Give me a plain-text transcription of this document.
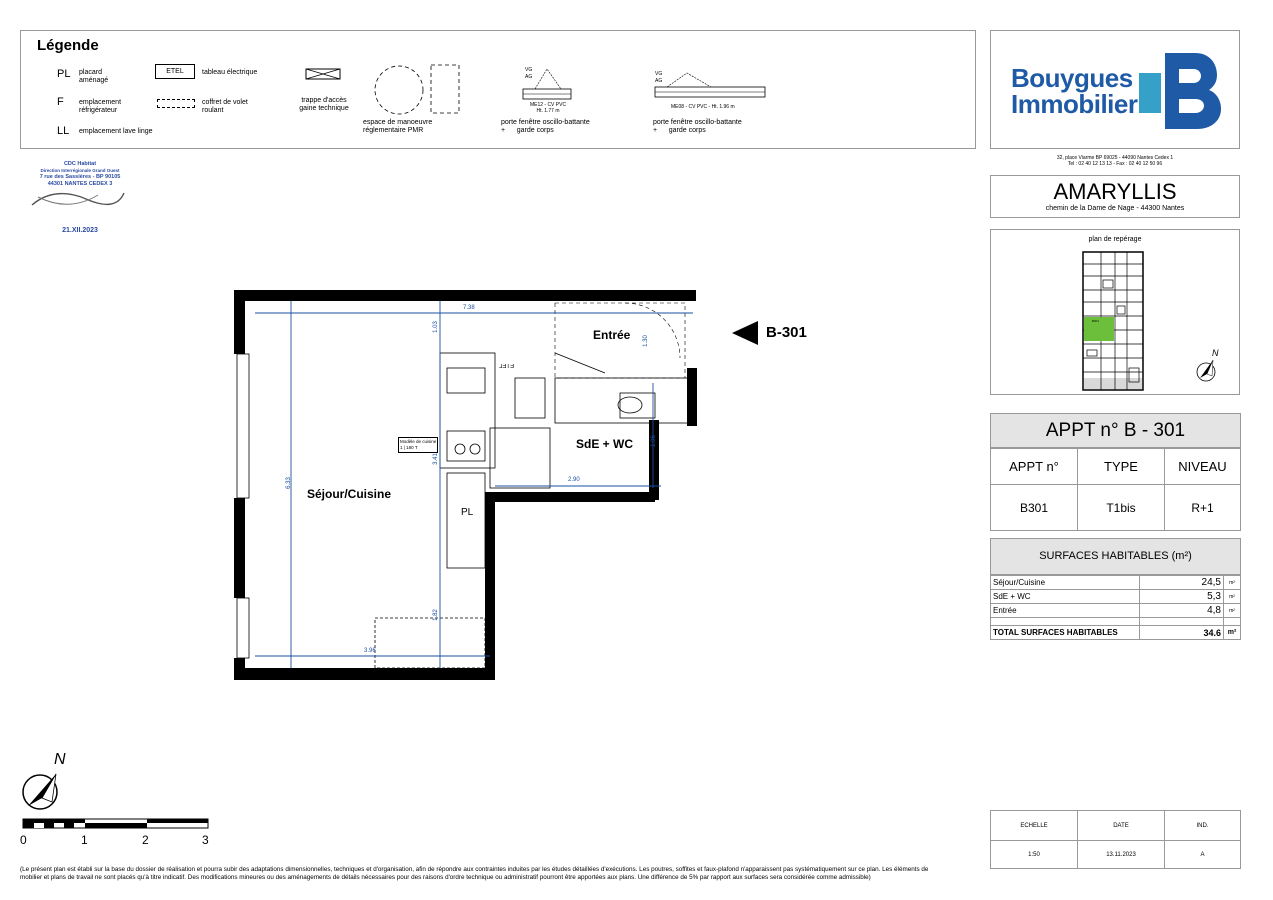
Légende
PL placard
aménagé
F emplacement
réfrigérateur
LL emplacement lave linge
ETEL	tableau électrique
coffret de volet
roulant
trappe d'accès
gaine technique
espace de manoeuvre
réglementaire PMR
VG
AG
ME12 - CV PVC
Ht. 1.77 m
porte fenêtre oscillo-battante
+      garde corps
VG
AG
ME08 - CV PVC - Ht. 1.96 m
porte fenêtre oscillo-battante
+      garde corps
CDC Habitat
Direction Interrégionale Grand Ouest
7 rue des Sassières - BP 90105
44301 NANTES CEDEX 3
21.XII.2023
Bouygues
Immobilier
32, place Viarme BP 69025 - 44090 Nantes Cedex 1
Tel : 02 40 12 13 13 - Fax : 02 40 12 50 96
AMARYLLIS
chemin de la Dame de Nage - 44300 Nantes
plan de repérage
B301
N
APPT n° B - 301
APPT n°	TYPE	NIVEAU
B301	T1bis	R+1
SURFACES HABITABLES (m²)
Séjour/Cuisine	24,5	m²
SdE + WC	5,3	m²
Entrée	4,8	m²

TOTAL SURFACES HABITABLES	34.6	m²
Séjour/Cuisine
Entrée
SdE + WC
PL
ETEL
Modèle de cuisine
1 | 180 T
7.38
6.33
3.96
2.90
1.03
3.41
1.82
1.96
1.30	B-301
N
0	1	2	3
ECHELLE	DATE	IND.
1:50	13.11.2023	A
(Le présent plan est établi sur la base du dossier de réalisation et pourra subir des adaptations dimensionnelles, techniques et d'organisation, afin de répondre aux contraintes induites par les études détaillées d'exécutions. Les poutres, soffites et faux-plafond n'apparaissent pas systématiquement sur ce plan. Les éléments de mobilier et plans de travail ne sont placés qu'à titre indicatif. Des modifications mineures ou des aménagements de détails nécessaires pour des raisons d'ordre technique ou administratif pourront être apportées aux plans. Une différence de 5% par rapport aux surfaces sera considérée comme admissible)
